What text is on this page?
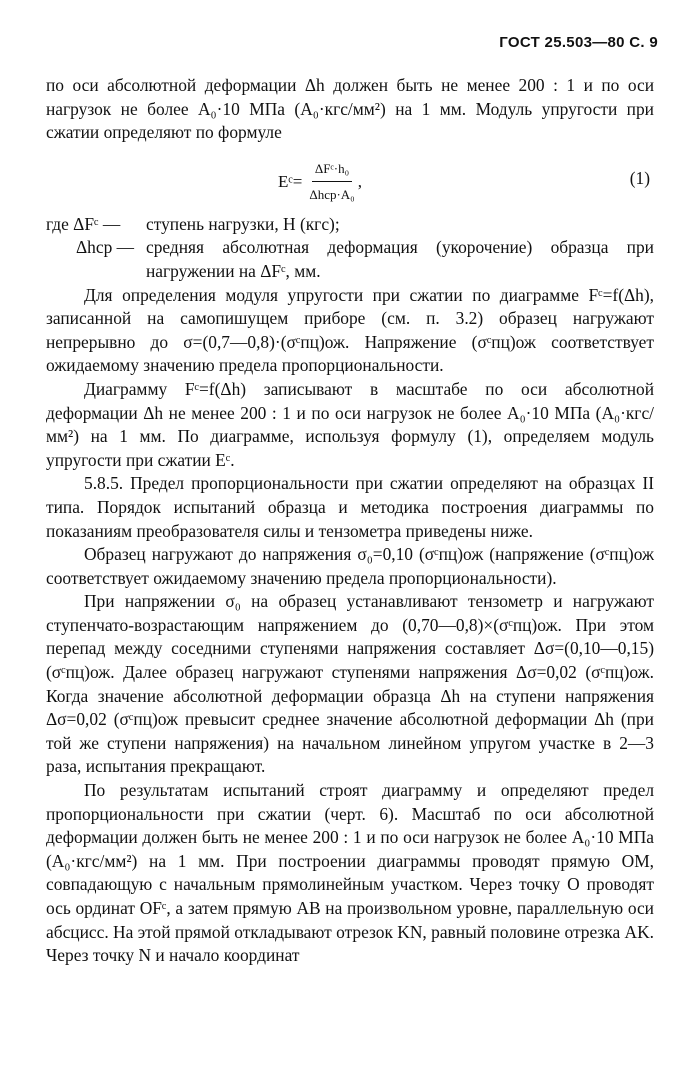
ГОСТ 25.503—80 С. 9

по оси абсолютной деформации Δh должен быть не менее 200 : 1 и по оси нагрузок не более A₀·10 МПа (A₀·кгс/мм²) на 1 мм. Модуль упругости при сжатии определяют по формуле

Eᶜ= $\frac{\text{ΔFᶜ·h₀}}{\text{Δhср·A₀}}$ ,	(1)
где ΔFᶜ —	ступень нагрузки, Н (кгс);
Δhср — средняя абсолютная деформация (укорочение) образца при нагружении на ΔFᶜ, мм.

Для определения модуля упругости при сжатии по диаграмме Fᶜ=f(Δh), записанной на самопишущем приборе (см. п. 3.2) образец нагружают непрерывно до σ=(0,7—0,8)·(σᶜпц)ож. Напряжение (σᶜпц)ож соответствует ожидаемому значению предела пропорциональности.

Диаграмму Fᶜ=f(Δh) записывают в масштабе по оси абсолютной деформации Δh не менее 200 : 1 и по оси нагрузок не более A₀·10 МПа (A₀·кгс/мм²) на 1 мм. По диаграмме, используя формулу (1), определяем модуль упругости при сжатии Eᶜ.

5.8.5. Предел пропорциональности при сжатии определяют на образцах II типа. Порядок испытаний образца и методика построения диаграммы по показаниям преобразователя силы и тензометра приведены ниже.

Образец нагружают до напряжения σ₀=0,10 (σᶜпц)ож (напряжение (σᶜпц)ож соответствует ожидаемому значению предела пропорциональности).

При напряжении σ₀ на образец устанавливают тензометр и нагружают ступенчато-возрастающим напряжением до (0,70—0,8)×(σᶜпц)ож. При этом перепад между соседними ступенями напряжения составляет Δσ=(0,10—0,15) (σᶜпц)ож. Далее образец нагружают ступенями напряжения Δσ=0,02 (σᶜпц)ож. Когда значение абсолютной деформации образца Δh на ступени напряжения Δσ=0,02 (σᶜпц)ож превысит среднее значение абсолютной деформации Δh (при той же ступени напряжения) на начальном линейном упругом участке в 2—3 раза, испытания прекращают.

По результатам испытаний строят диаграмму и определяют предел пропорциональности при сжатии (черт. 6). Масштаб по оси абсолютной деформации должен быть не менее 200 : 1 и по оси нагрузок не более A₀·10 МПа (A₀·кгс/мм²) на 1 мм. При построении диаграммы проводят прямую OM, совпадающую с начальным прямолинейным участком. Через точку O проводят ось ординат OFᶜ, а затем прямую AB на произвольном уровне, параллельную оси абсцисс. На этой прямой откладывают отрезок KN, равный половине отрезка AK. Через точку N и начало координат
